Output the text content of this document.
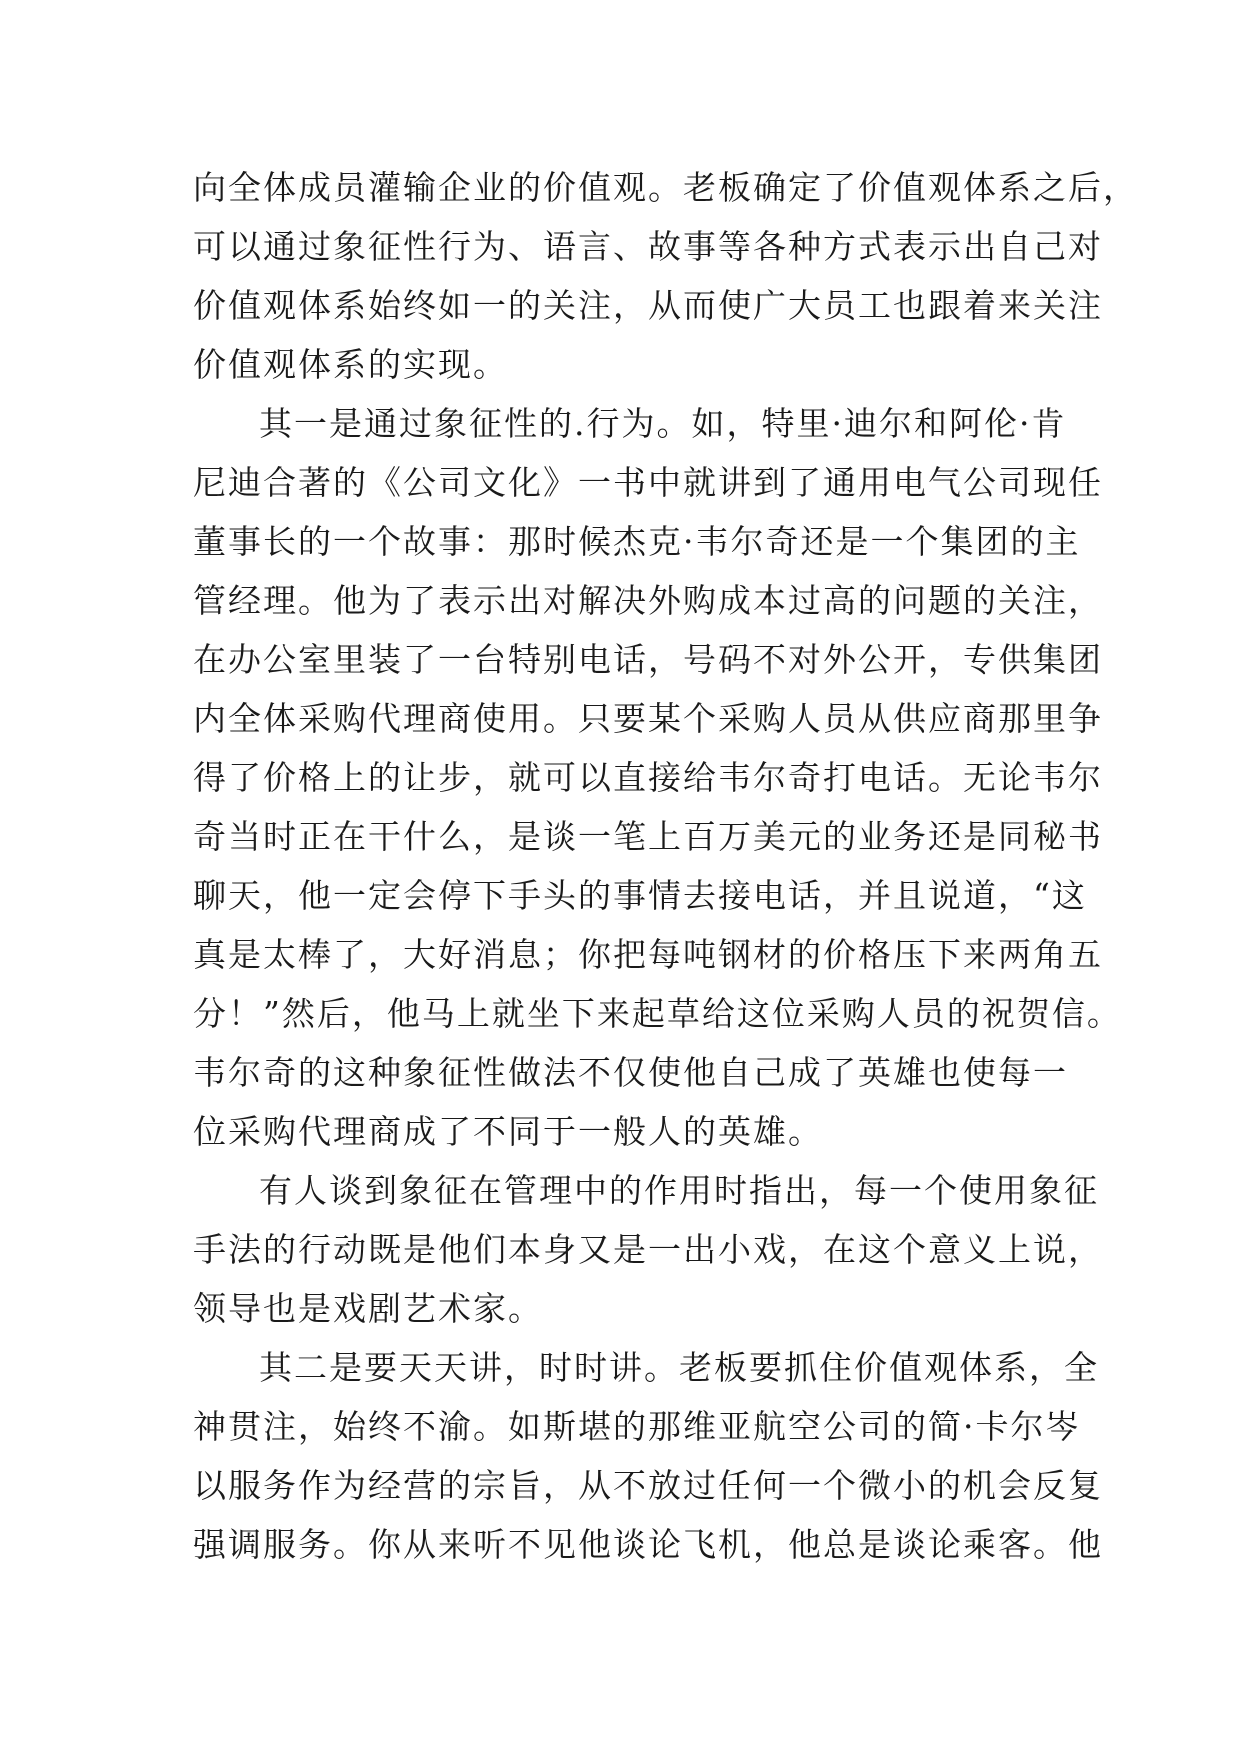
向全体成员灌输企业的价值观。老板确定了价值观体系之后，
可以通过象征性行为、语言、故事等各种方式表示出自己对
价值观体系始终如一的关注，从而使广大员工也跟着来关注
价值观体系的实现。
其一是通过象征性的.行为。如，特里·迪尔和阿伦·肯
尼迪合著的《公司文化》一书中就讲到了通用电气公司现任
董事长的一个故事：那时候杰克·韦尔奇还是一个集团的主
管经理。他为了表示出对解决外购成本过高的问题的关注，
在办公室里装了一台特别电话，号码不对外公开，专供集团
内全体采购代理商使用。只要某个采购人员从供应商那里争
得了价格上的让步，就可以直接给韦尔奇打电话。无论韦尔
奇当时正在干什么，是谈一笔上百万美元的业务还是同秘书
聊天，他一定会停下手头的事情去接电话，并且说道，“这
真是太棒了，大好消息；你把每吨钢材的价格压下来两角五
分！”然后，他马上就坐下来起草给这位采购人员的祝贺信。
韦尔奇的这种象征性做法不仅使他自己成了英雄也使每一
位采购代理商成了不同于一般人的英雄。
有人谈到象征在管理中的作用时指出，每一个使用象征
手法的行动既是他们本身又是一出小戏，在这个意义上说，
领导也是戏剧艺术家。
其二是要天天讲，时时讲。老板要抓住价值观体系，全
神贯注，始终不渝。如斯堪的那维亚航空公司的简·卡尔岑
以服务作为经营的宗旨，从不放过任何一个微小的机会反复
强调服务。你从来听不见他谈论飞机，他总是谈论乘客。他
